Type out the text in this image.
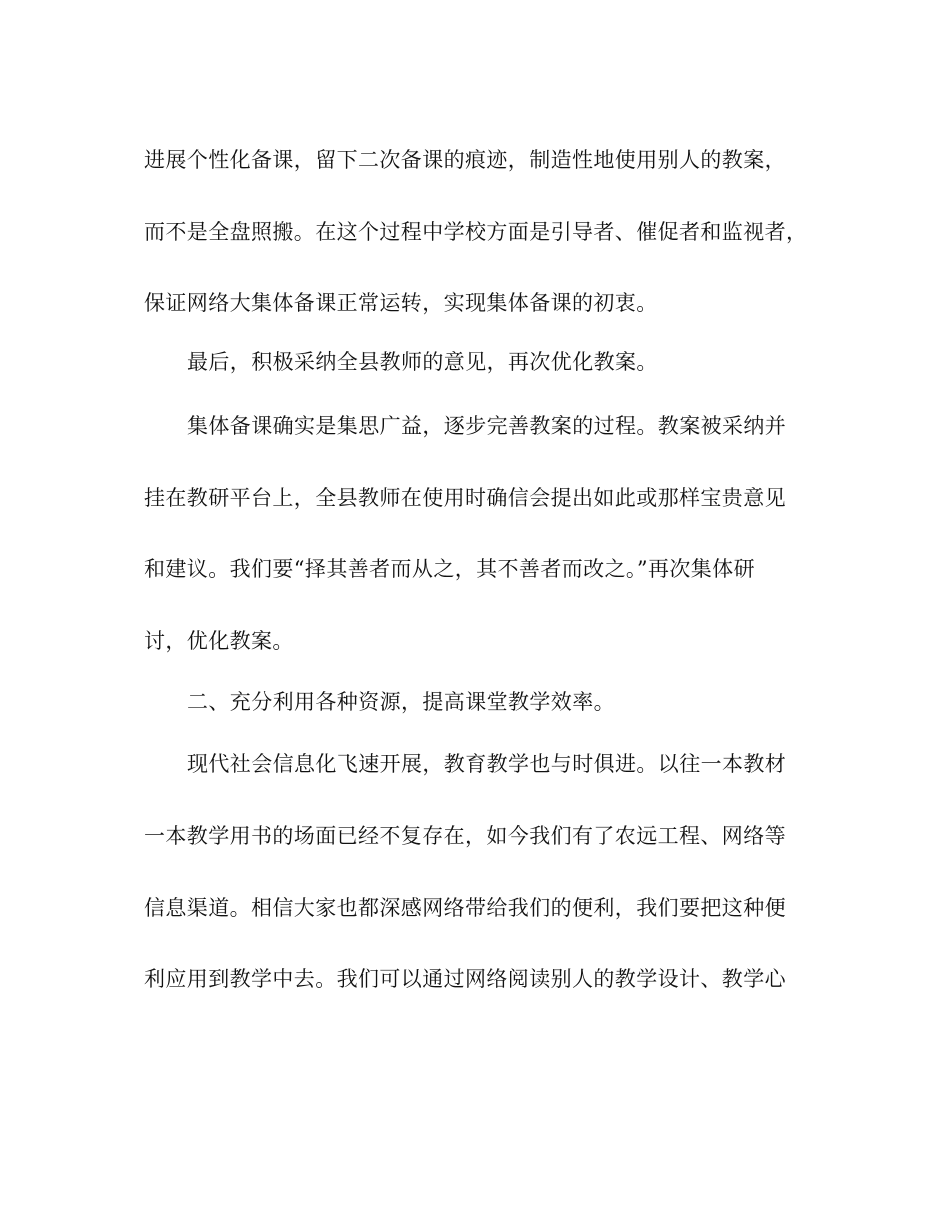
进展个性化备课，留下二次备课的痕迹，制造性地使用别人的教案，
而不是全盘照搬。在这个过程中学校方面是引导者、催促者和监视者，
保证网络大集体备课正常运转，实现集体备课的初衷。
最后，积极采纳全县教师的意见，再次优化教案。
集体备课确实是集思广益，逐步完善教案的过程。教案被采纳并
挂在教研平台上，全县教师在使用时确信会提出如此或那样宝贵意见
和建议。我们要“择其善者而从之，其不善者而改之。”再次集体研
讨，优化教案。
二、充分利用各种资源，提高课堂教学效率。
现代社会信息化飞速开展，教育教学也与时俱进。以往一本教材
一本教学用书的场面已经不复存在，如今我们有了农远工程、网络等
信息渠道。相信大家也都深感网络带给我们的便利，我们要把这种便
利应用到教学中去。我们可以通过网络阅读别人的教学设计、教学心
